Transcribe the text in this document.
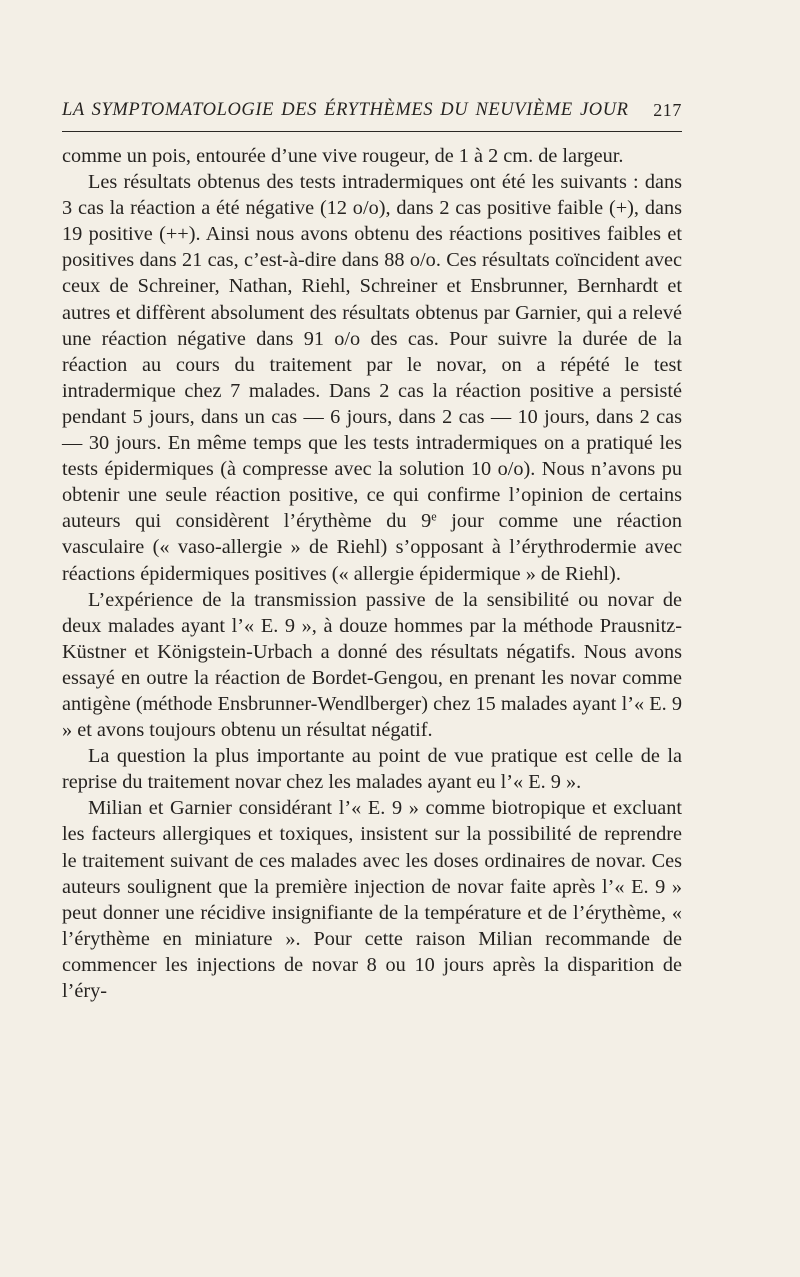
LA SYMPTOMATOLOGIE DES ÉRYTHÈMES DU NEUVIÈME JOUR 217

comme un pois, entourée d’une vive rougeur, de 1 à 2 cm. de largeur.

Les résultats obtenus des tests intradermiques ont été les suivants : dans 3 cas la réaction a été négative (12 o/o), dans 2 cas positive faible (+), dans 19 positive (++). Ainsi nous avons obtenu des réactions positives faibles et positives dans 21 cas, c’est-à-dire dans 88 o/o. Ces résultats coïncident avec ceux de Schreiner, Nathan, Riehl, Schreiner et Ensbrunner, Bernhardt et autres et diffèrent absolument des résultats obtenus par Garnier, qui a relevé une réaction négative dans 91 o/o des cas. Pour suivre la durée de la réaction au cours du traitement par le novar, on a répété le test intradermique chez 7 malades. Dans 2 cas la réaction positive a persisté pendant 5 jours, dans un cas — 6 jours, dans 2 cas — 10 jours, dans 2 cas — 30 jours. En même temps que les tests intradermiques on a pratiqué les tests épidermiques (à compresse avec la solution 10 o/o). Nous n’avons pu obtenir une seule réaction positive, ce qui confirme l’opinion de certains auteurs qui considèrent l’érythème du 9e jour comme une réaction vasculaire (« vaso-allergie » de Riehl) s’opposant à l’érythrodermie avec réactions épidermiques positives (« allergie épidermique » de Riehl).

L’expérience de la transmission passive de la sensibilité ou novar de deux malades ayant l’« E. 9 », à douze hommes par la méthode Prausnitz-Küstner et Königstein-Urbach a donné des résultats négatifs. Nous avons essayé en outre la réaction de Bordet-Gengou, en prenant les novar comme antigène (méthode Ensbrunner-Wendlberger) chez 15 malades ayant l’« E. 9 » et avons toujours obtenu un résultat négatif.

La question la plus importante au point de vue pratique est celle de la reprise du traitement novar chez les malades ayant eu l’« E. 9 ».

Milian et Garnier considérant l’« E. 9 » comme biotropique et excluant les facteurs allergiques et toxiques, insistent sur la possibilité de reprendre le traitement suivant de ces malades avec les doses ordinaires de novar. Ces auteurs soulignent que la première injection de novar faite après l’« E. 9 » peut donner une récidive insignifiante de la température et de l’érythème, « l’érythème en miniature ». Pour cette raison Milian recommande de commencer les injections de novar 8 ou 10 jours après la disparition de l’éry-
